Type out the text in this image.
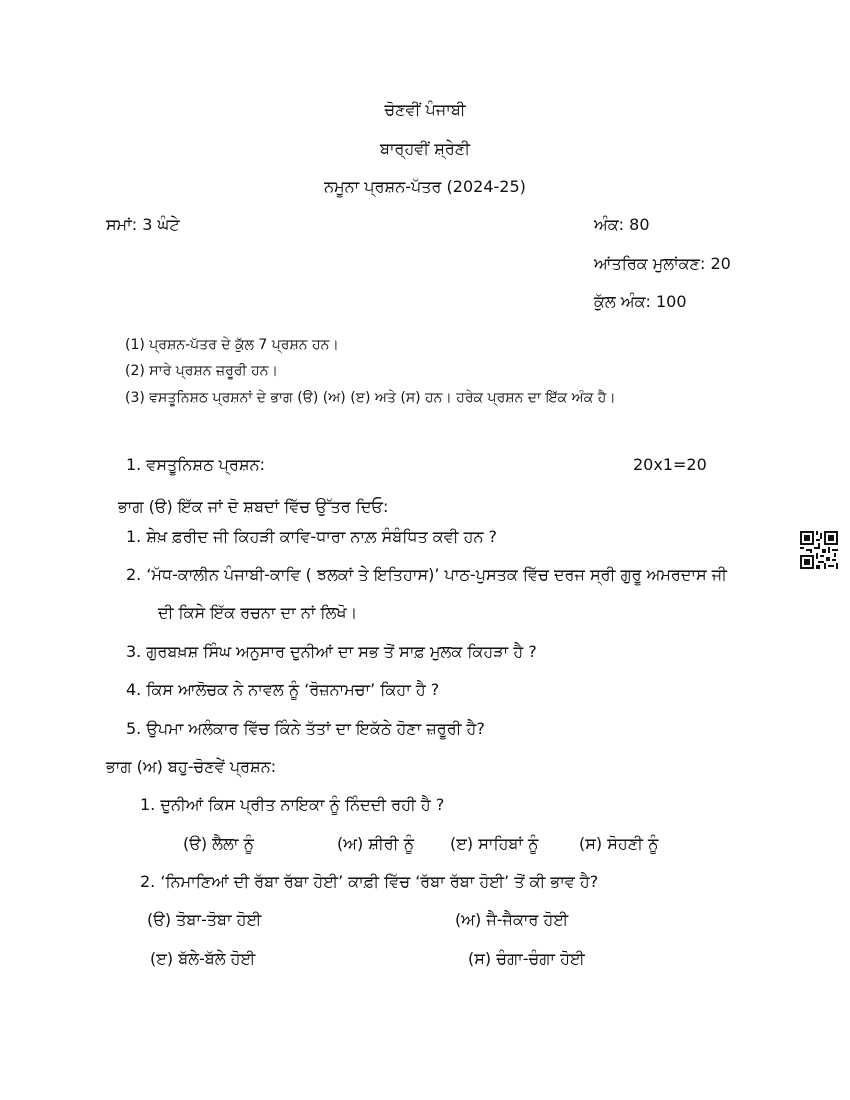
ਚੋਣਵੀਂ ਪੰਜਾਬੀ
ਬਾਰ੍ਹਵੀਂ ਸ਼੍ਰੇਣੀ
ਨਮੂਨਾ ਪ੍ਰਸ਼ਨ-ਪੱਤਰ (2024-25)
ਸਮਾਂ: 3 ਘੰਟੇ	ਅੰਕ: 80
ਆਂਤਰਿਕ ਮੁਲਾਂਕਣ: 20
ਕੁੱਲ ਅੰਕ: 100
(1) ਪ੍ਰਸ਼ਨ-ਪੱਤਰ ਦੇ ਕੁੱਲ 7 ਪ੍ਰਸ਼ਨ ਹਨ।
(2) ਸਾਰੇ ਪ੍ਰਸ਼ਨ ਜ਼ਰੂਰੀ ਹਨ।
(3) ਵਸਤੂਨਿਸ਼ਠ ਪ੍ਰਸ਼ਨਾਂ ਦੇ ਭਾਗ (ੳ) (ਅ) (ੲ) ਅਤੇ (ਸ) ਹਨ। ਹਰੇਕ ਪ੍ਰਸ਼ਨ ਦਾ ਇੱਕ ਅੰਕ ਹੈ।
1. ਵਸਤੂਨਿਸ਼ਠ ਪ੍ਰਸ਼ਨ:	20x1=20
ਭਾਗ (ੳ) ਇੱਕ ਜਾਂ ਦੋ ਸ਼ਬਦਾਂ ਵਿੱਚ ਉੱਤਰ ਦਿਓ:
1. ਸ਼ੇਖ਼ ਫ਼ਰੀਦ ਜੀ ਕਿਹੜੀ ਕਾਵਿ-ਧਾਰਾ ਨਾਲ਼ ਸੰਬੰਧਿਤ ਕਵੀ ਹਨ ?
2. ‘ਮੱਧ-ਕਾਲੀਨ ਪੰਜਾਬੀ-ਕਾਵਿ ( ਝਲਕਾਂ ਤੇ ਇਤਿਹਾਸ)’ ਪਾਠ-ਪੁਸਤਕ ਵਿੱਚ ਦਰਜ ਸ੍ਰੀ ਗੁਰੂ ਅਮਰਦਾਸ ਜੀ
ਦੀ ਕਿਸੇ ਇੱਕ ਰਚਨਾ ਦਾ ਨਾਂ ਲਿਖੋ।
3. ਗੁਰਬਖ਼ਸ਼ ਸਿੰਘ ਅਨੁਸਾਰ ਦੁਨੀਆਂ ਦਾ ਸਭ ਤੋਂ ਸਾਫ਼ ਮੁਲਕ ਕਿਹੜਾ ਹੈ ?
4. ਕਿਸ ਆਲੋਚਕ ਨੇ ਨਾਵਲ ਨੂੰ ‘ਰੋਜ਼ਨਾਮਚਾ’ ਕਿਹਾ ਹੈ ?
5. ਉਪਮਾ ਅਲੰਕਾਰ ਵਿੱਚ ਕਿੰਨੇ ਤੱਤਾਂ ਦਾ ਇਕੱਠੇ ਹੋਣਾ ਜ਼ਰੂਰੀ ਹੈ?
ਭਾਗ (ਅ) ਬਹੁ-ਚੋਣਵੇਂ ਪ੍ਰਸ਼ਨ:
1. ਦੁਨੀਆਂ ਕਿਸ ਪ੍ਰੀਤ ਨਾਇਕਾ ਨੂੰ ਨਿੰਦਦੀ ਰਹੀ ਹੈ ?
(ੳ) ਲੈਲਾ ਨੂੰ	(ਅ) ਸ਼ੀਰੀ ਨੂੰ (ੲ) ਸਾਹਿਬਾਂ ਨੂੰ	(ਸ) ਸੋਹਣੀ ਨੂੰ
2. ‘ਨਿਮਾਣਿਆਂ ਦੀ ਰੱਬਾ ਰੱਬਾ ਹੋਈ’ ਕਾਫ਼ੀ ਵਿੱਚ ‘ਰੱਬਾ ਰੱਬਾ ਹੋਈ’ ਤੋਂ ਕੀ ਭਾਵ ਹੈ?
(ੳ) ਤੋਬਾ-ਤੋਬਾ ਹੋਈ	(ਅ) ਜੈ-ਜੈਕਾਰ ਹੋਈ
(ੲ) ਬੱਲੇ-ਬੱਲੇ ਹੋਈ	(ਸ) ਚੰਗਾ-ਚੰਗਾ ਹੋਈ
